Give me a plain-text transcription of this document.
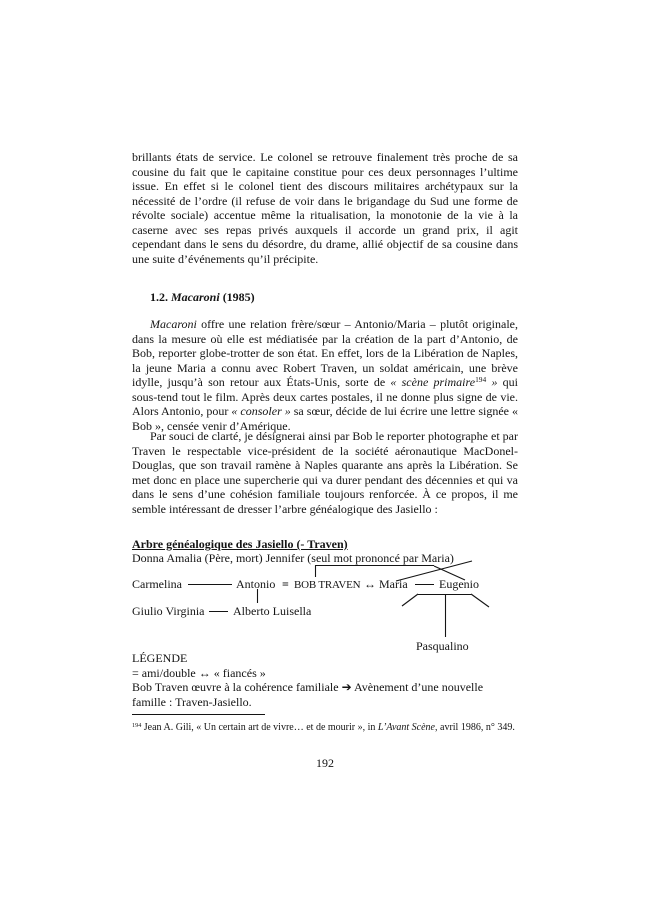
brillants états de service. Le colonel se retrouve finalement très proche de sa cousine du fait que le capitaine constitue pour ces deux personnages l’ultime issue. En effet si le colonel tient des discours militaires archétypaux sur la nécessité de l’ordre (il refuse de voir dans le brigandage du Sud une forme de révolte sociale) accentue même la ritualisation, la monotonie de la vie à la caserne avec ses repas privés auxquels il accorde un grand prix, il agit cependant dans le sens du désordre, du drame, allié objectif de sa cousine dans une suite d’événements qu’il précipite.

1.2. Macaroni (1985)

Macaroni offre une relation frère/sœur – Antonio/Maria – plutôt originale, dans la mesure où elle est médiatisée par la création de la part d’Antonio, de Bob, reporter globe-trotter de son état. En effet, lors de la Libération de Naples, la jeune Maria a connu avec Robert Traven, un soldat américain, une brève idylle, jusqu’à son retour aux États-Unis, sorte de « scène primaire$^{194}$ » qui sous-tend tout le film. Après deux cartes postales, il ne donne plus signe de vie. Alors Antonio, pour « consoler » sa sœur, décide de lui écrire une lettre signée « Bob », censée venir d’Amérique.

Par souci de clarté, je désignerai ainsi par Bob le reporter photographe et par Traven le respectable vice-président de la société aéronautique MacDonel-Douglas, que son travail ramène à Naples quarante ans après la Libération. Se met donc en place une supercherie qui va durer pendant des décennies et qui va dans le sens d’une cohésion familiale toujours renforcée. À ce propos, il me semble intéressant de dresser l’arbre généalogique des Jasiello :

Arbre généalogique des Jasiello (- Traven)
Donna Amalia (Père, mort) Jennifer (seul mot prononcé par Maria)
Carmelina	Antonio = BOB TRAVEN ↔ Maria	Eugenio
Giulio Virginia Alberto Luisella
Pasqualino
LÉGENDE
= ami/double ↔ « fiancés »
Bob Traven œuvre à la cohérence familiale ➔ Avènement d’une nouvelle famille : Traven-Jasiello.

$^{194}$ Jean A. Gili, « Un certain art de vivre… et de mourir », in L’Avant Scène, avril 1986, n° 349.

192
